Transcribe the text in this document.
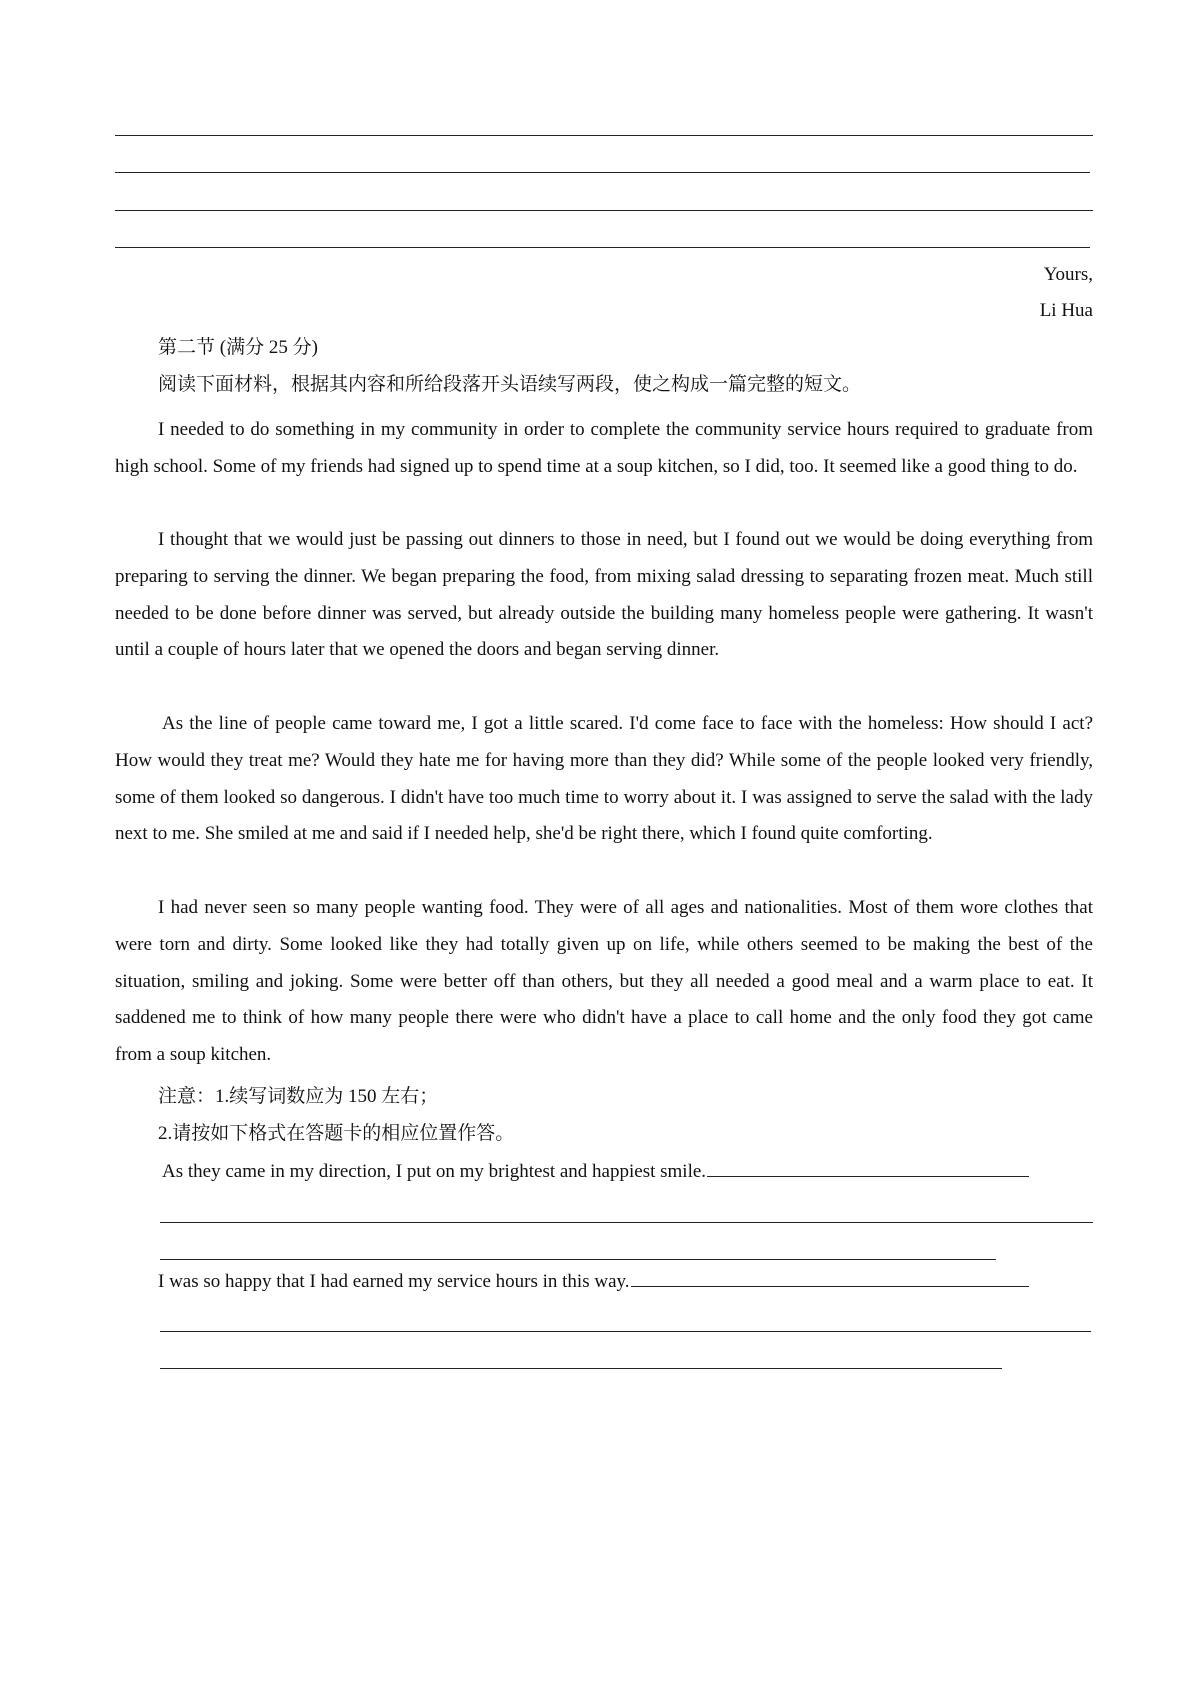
Yours,
Li Hua
第二节 (满分 25 分)
阅读下面材料，根据其内容和所给段落开头语续写两段，使之构成一篇完整的短文。
I needed to do something in my community in order to complete the community service hours required to graduate from high school. Some of my friends had signed up to spend time at a soup kitchen, so I did, too. It seemed like a good thing to do.
I thought that we would just be passing out dinners to those in need, but I found out we would be doing everything from preparing to serving the dinner. We began preparing the food, from mixing salad dressing to separating frozen meat. Much still needed to be done before dinner was served, but already outside the building many homeless people were gathering. It wasn't until a couple of hours later that we opened the doors and began serving dinner.
As the line of people came toward me, I got a little scared. I'd come face to face with the homeless: How should I act? How would they treat me? Would they hate me for having more than they did? While some of the people looked very friendly, some of them looked so dangerous. I didn't have too much time to worry about it. I was assigned to serve the salad with the lady next to me. She smiled at me and said if I needed help, she'd be right there, which I found quite comforting.
I had never seen so many people wanting food. They were of all ages and nationalities. Most of them wore clothes that were torn and dirty. Some looked like they had totally given up on life, while others seemed to be making the best of the situation, smiling and joking. Some were better off than others, but they all needed a good meal and a warm place to eat. It saddened me to think of how many people there were who didn't have a place to call home and the only food they got came from a soup kitchen.
注意：1.续写词数应为 150 左右；
2.请按如下格式在答题卡的相应位置作答。
As they came in my direction, I put on my brightest and happiest smile.
I was so happy that I had earned my service hours in this way.
